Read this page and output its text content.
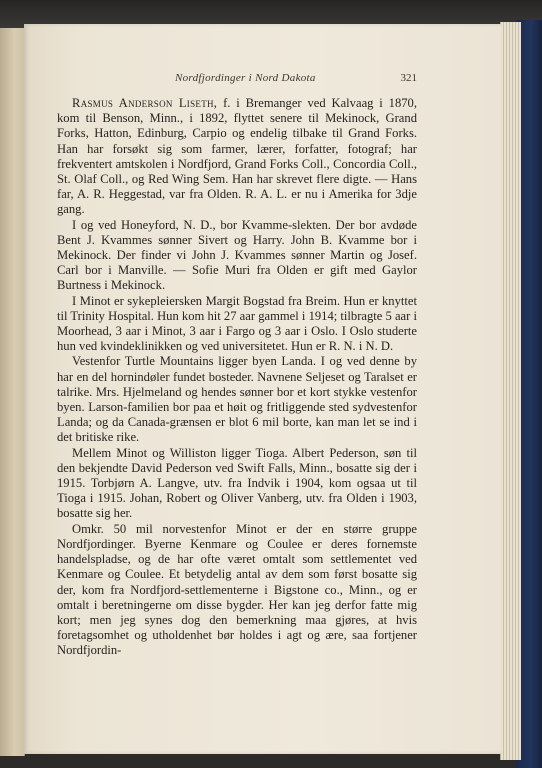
Nordfjordinger i Nord Dakota	321

Rasmus Anderson Liseth, f. i Bremanger ved Kalvaag i 1870, kom til Benson, Minn., i 1892, flyttet senere til Mekinock, Grand Forks, Hatton, Edinburg, Carpio og endelig tilbake til Grand Forks. Han har forsøkt sig som farmer, lærer, forfatter, fotograf; har frekventert amtskolen i Nordfjord, Grand Forks Coll., Concordia Coll., St. Olaf Coll., og Red Wing Sem. Han har skrevet flere digte. — Hans far, A. R. Heggestad, var fra Olden. R. A. L. er nu i Amerika for 3dje gang.

I og ved Honeyford, N. D., bor Kvamme-slekten. Der bor avdøde Bent J. Kvammes sønner Sivert og Harry. John B. Kvamme bor i Mekinock. Der finder vi John J. Kvammes sønner Martin og Josef. Carl bor i Manville. — Sofie Muri fra Olden er gift med Gaylor Burtness i Mekinock.

I Minot er sykepleiersken Margit Bogstad fra Breim. Hun er knyttet til Trinity Hospital. Hun kom hit 27 aar gammel i 1914; tilbragte 5 aar i Moorhead, 3 aar i Minot, 3 aar i Fargo og 3 aar i Oslo. I Oslo studerte hun ved kvindeklinikken og ved universitetet. Hun er R. N. i N. D.

Vestenfor Turtle Mountains ligger byen Landa. I og ved denne by har en del hornindøler fundet bosteder. Navnene Seljeset og Taralset er talrike. Mrs. Hjelmeland og hendes sønner bor et kort stykke vestenfor byen. Larson-familien bor paa et høit og fritliggende sted sydvestenfor Landa; og da Canada-grænsen er blot 6 mil borte, kan man let se ind i det britiske rike.

Mellem Minot og Williston ligger Tioga. Albert Pederson, søn til den bekjendte David Pederson ved Swift Falls, Minn., bosatte sig der i 1915. Torbjørn A. Langve, utv. fra Indvik i 1904, kom ogsaa ut til Tioga i 1915. Johan, Robert og Oliver Vanberg, utv. fra Olden i 1903, bosatte sig her.

Omkr. 50 mil norvestenfor Minot er der en større gruppe Nordfjordinger. Byerne Kenmare og Coulee er deres fornemste handelspladse, og de har ofte været omtalt som settlementet ved Kenmare og Coulee. Et betydelig antal av dem som først bosatte sig der, kom fra Nordfjord-settlementerne i Bigstone co., Minn., og er omtalt i beretningerne om disse bygder. Her kan jeg derfor fatte mig kort; men jeg synes dog den bemerkning maa gjøres, at hvis foretagsomhet og utholdenhet bør holdes i agt og ære, saa fortjener Nordfjordin-
